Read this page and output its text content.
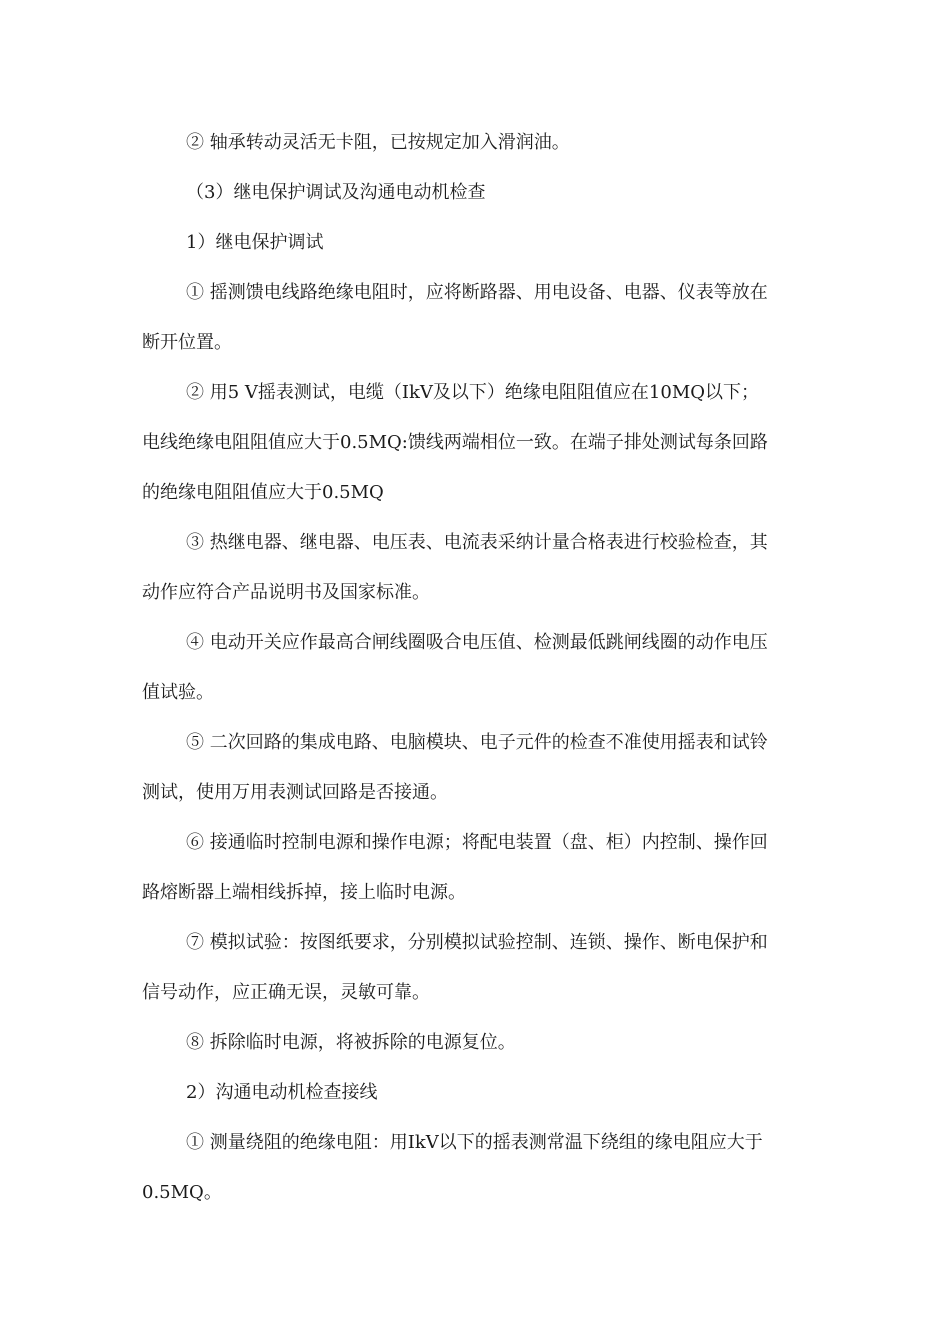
② 轴承转动灵活无卡阻，已按规定加入滑润油。

（3）继电保护调试及沟通电动机检查

1）继电保护调试

① 摇测馈电线路绝缘电阻时，应将断路器、用电设备、电器、仪表等放在
断开位置。

② 用5 V摇表测试，电缆（IkV及以下）绝缘电阻阻值应在10MQ以下；
电线绝缘电阻阻值应大于0.5MQ:馈线两端相位一致。在端子排处测试每条回路
的绝缘电阻阻值应大于0.5MQ

③ 热继电器、继电器、电压表、电流表采纳计量合格表进行校验检查，其
动作应符合产品说明书及国家标准。

④ 电动开关应作最高合闸线圈吸合电压值、检测最低跳闸线圈的动作电压
值试验。

⑤ 二次回路的集成电路、电脑模块、电子元件的检查不准使用摇表和试铃
测试，使用万用表测试回路是否接通。

⑥ 接通临时控制电源和操作电源；将配电装置（盘、柜）内控制、操作回
路熔断器上端相线拆掉，接上临时电源。

⑦ 模拟试验：按图纸要求，分别模拟试验控制、连锁、操作、断电保护和
信号动作，应正确无误，灵敏可靠。

⑧ 拆除临时电源，将被拆除的电源复位。

2）沟通电动机检查接线

① 测量绕阻的绝缘电阻：用IkV以下的摇表测常温下绕组的缘电阻应大于
0.5MQ。
